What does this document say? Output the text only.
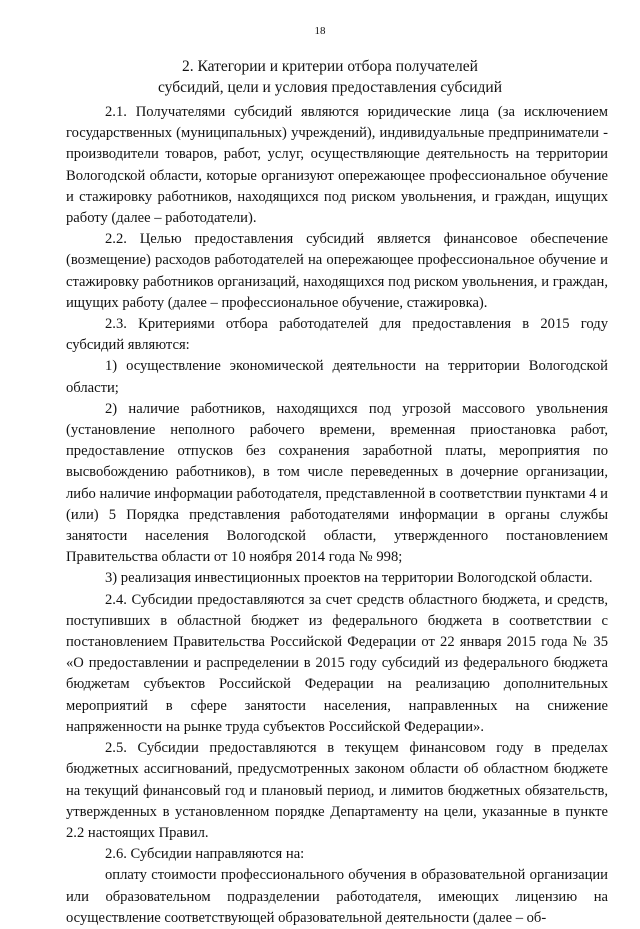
18
2. Категории и критерии отбора получателей
субсидий, цели и условия предоставления субсидий

2.1. Получателями субсидий являются юридические лица (за исключением государственных (муниципальных) учреждений), индивидуальные предприниматели - производители товаров, работ, услуг, осуществляющие деятельность на территории Вологодской области, которые организуют опережающее профессиональное обучение и стажировку работников, находящихся под риском увольнения, и граждан, ищущих работу (далее – работодатели).

2.2. Целью предоставления субсидий является финансовое обеспечение (возмещение) расходов работодателей на опережающее профессиональное обучение и стажировку работников организаций, находящихся под риском увольнения, и граждан, ищущих работу (далее – профессиональное обучение, стажировка).

2.3. Критериями отбора работодателей для предоставления в 2015 году субсидий являются:

1) осуществление экономической деятельности на территории Вологодской области;

2) наличие работников, находящихся под угрозой массового увольнения (установление неполного рабочего времени, временная приостановка работ, предоставление отпусков без сохранения заработной платы, мероприятия по высвобождению работников), в том числе переведенных в дочерние организации, либо наличие информации работодателя, представленной в соответствии пунктами 4 и (или) 5 Порядка представления работодателями информации в органы службы занятости населения Вологодской области, утвержденного постановлением Правительства области от 10 ноября 2014 года № 998;

3) реализация инвестиционных проектов на территории Вологодской области.

2.4. Субсидии предоставляются за счет средств областного бюджета, и средств, поступивших в областной бюджет из федерального бюджета в соответствии с постановлением Правительства Российской Федерации от 22 января 2015 года № 35 «О предоставлении и распределении в 2015 году субсидий из федерального бюджета бюджетам субъектов Российской Федерации на реализацию дополнительных мероприятий в сфере занятости населения, направленных на снижение напряженности на рынке труда субъектов Российской Федерации».

2.5. Субсидии предоставляются в текущем финансовом году в пределах бюджетных ассигнований, предусмотренных законом области об областном бюджете на текущий финансовый год и плановый период, и лимитов бюджетных обязательств, утвержденных в установленном порядке Департаменту на цели, указанные в пункте 2.2 настоящих Правил.

2.6. Субсидии направляются на:

оплату стоимости профессионального обучения в образовательной организации или образовательном подразделении работодателя, имеющих лицензию на осуществление соответствующей образовательной деятельности (далее – об-
